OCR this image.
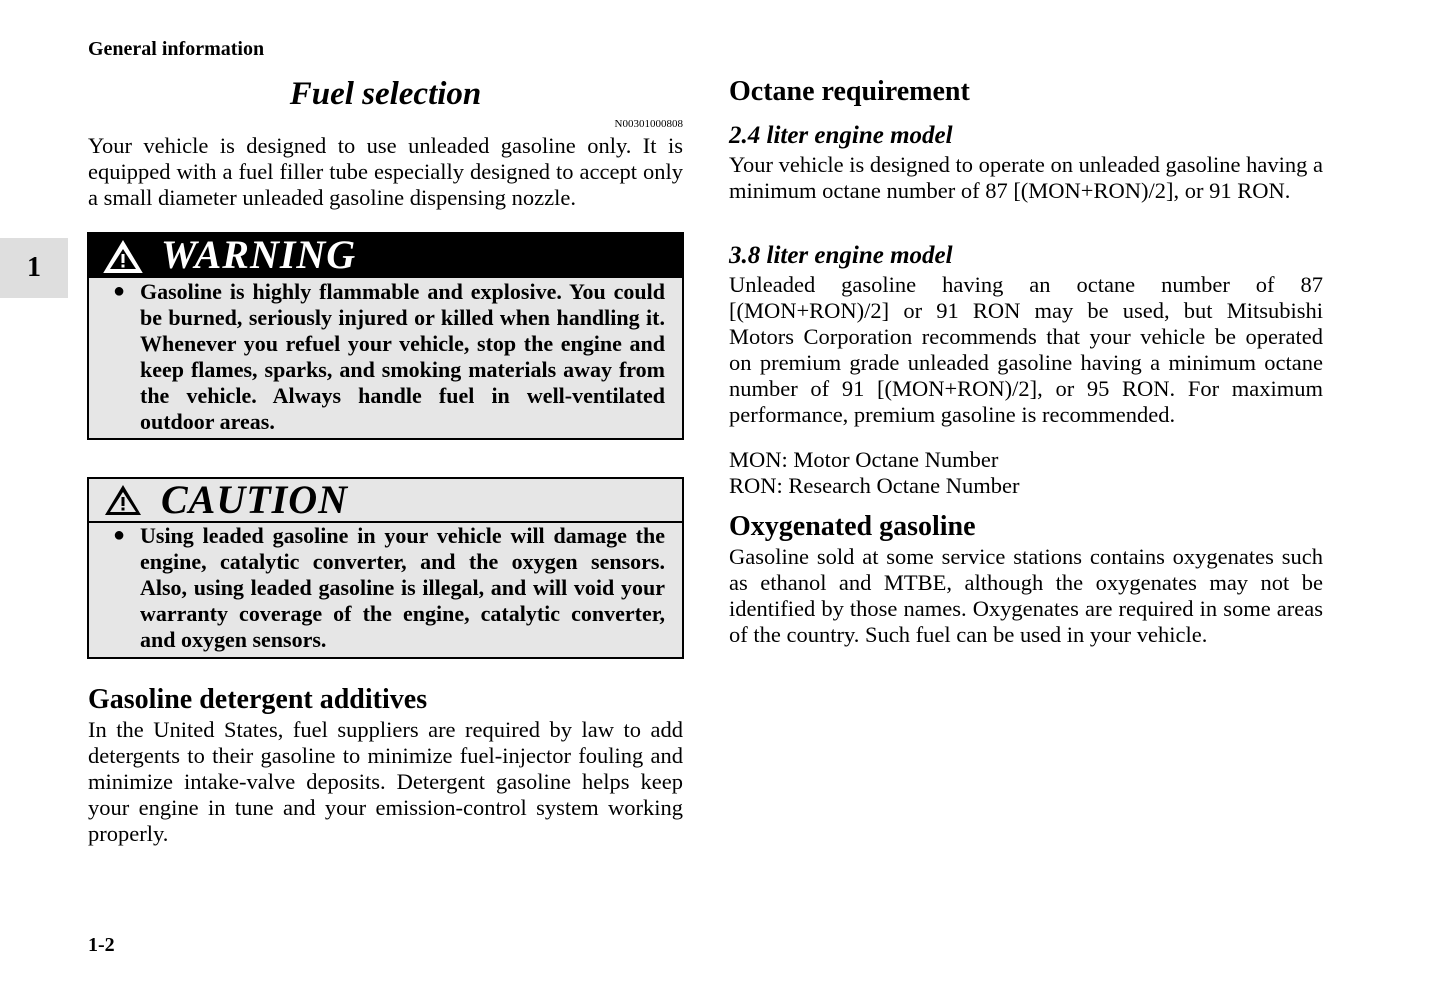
General information
1
Fuel selection
N00301000808
Your vehicle is designed to use unleaded gasoline only. It is equipped with a fuel filler tube especially designed to accept only a small diameter unleaded gasoline dispensing nozzle.
WARNING
● Gasoline is highly flammable and explosive. You could be burned, seriously injured or killed when handling it. Whenever you refuel your vehicle, stop the engine and keep flames, sparks, and smoking materials away from the vehicle. Always handle fuel in well-ventilated outdoor areas.
CAUTION
● Using leaded gasoline in your vehicle will damage the engine, catalytic converter, and the oxygen sensors. Also, using leaded gasoline is illegal, and will void your warranty coverage of the engine, catalytic converter, and oxygen sensors.
Gasoline detergent additives
In the United States, fuel suppliers are required by law to add detergents to their gasoline to minimize fuel-injector fouling and minimize intake-valve deposits. Detergent gasoline helps keep your engine in tune and your emission-control system working properly.
Octane requirement
2.4 liter engine model
Your vehicle is designed to operate on unleaded gasoline having a minimum octane number of 87 [(MON+RON)/2], or 91 RON.
3.8 liter engine model
Unleaded gasoline having an octane number of 87 [(MON+RON)/2] or 91 RON may be used, but Mitsubishi Motors Corporation recommends that your vehicle be operated on premium grade unleaded gasoline having a minimum octane number of 91 [(MON+RON)/2], or 95 RON. For maximum performance, premium gasoline is recommended.
MON: Motor Octane Number
RON: Research Octane Number
Oxygenated gasoline
Gasoline sold at some service stations contains oxygenates such as ethanol and MTBE, although the oxygenates may not be identified by those names. Oxygenates are required in some areas of the country. Such fuel can be used in your vehicle.
1-2
